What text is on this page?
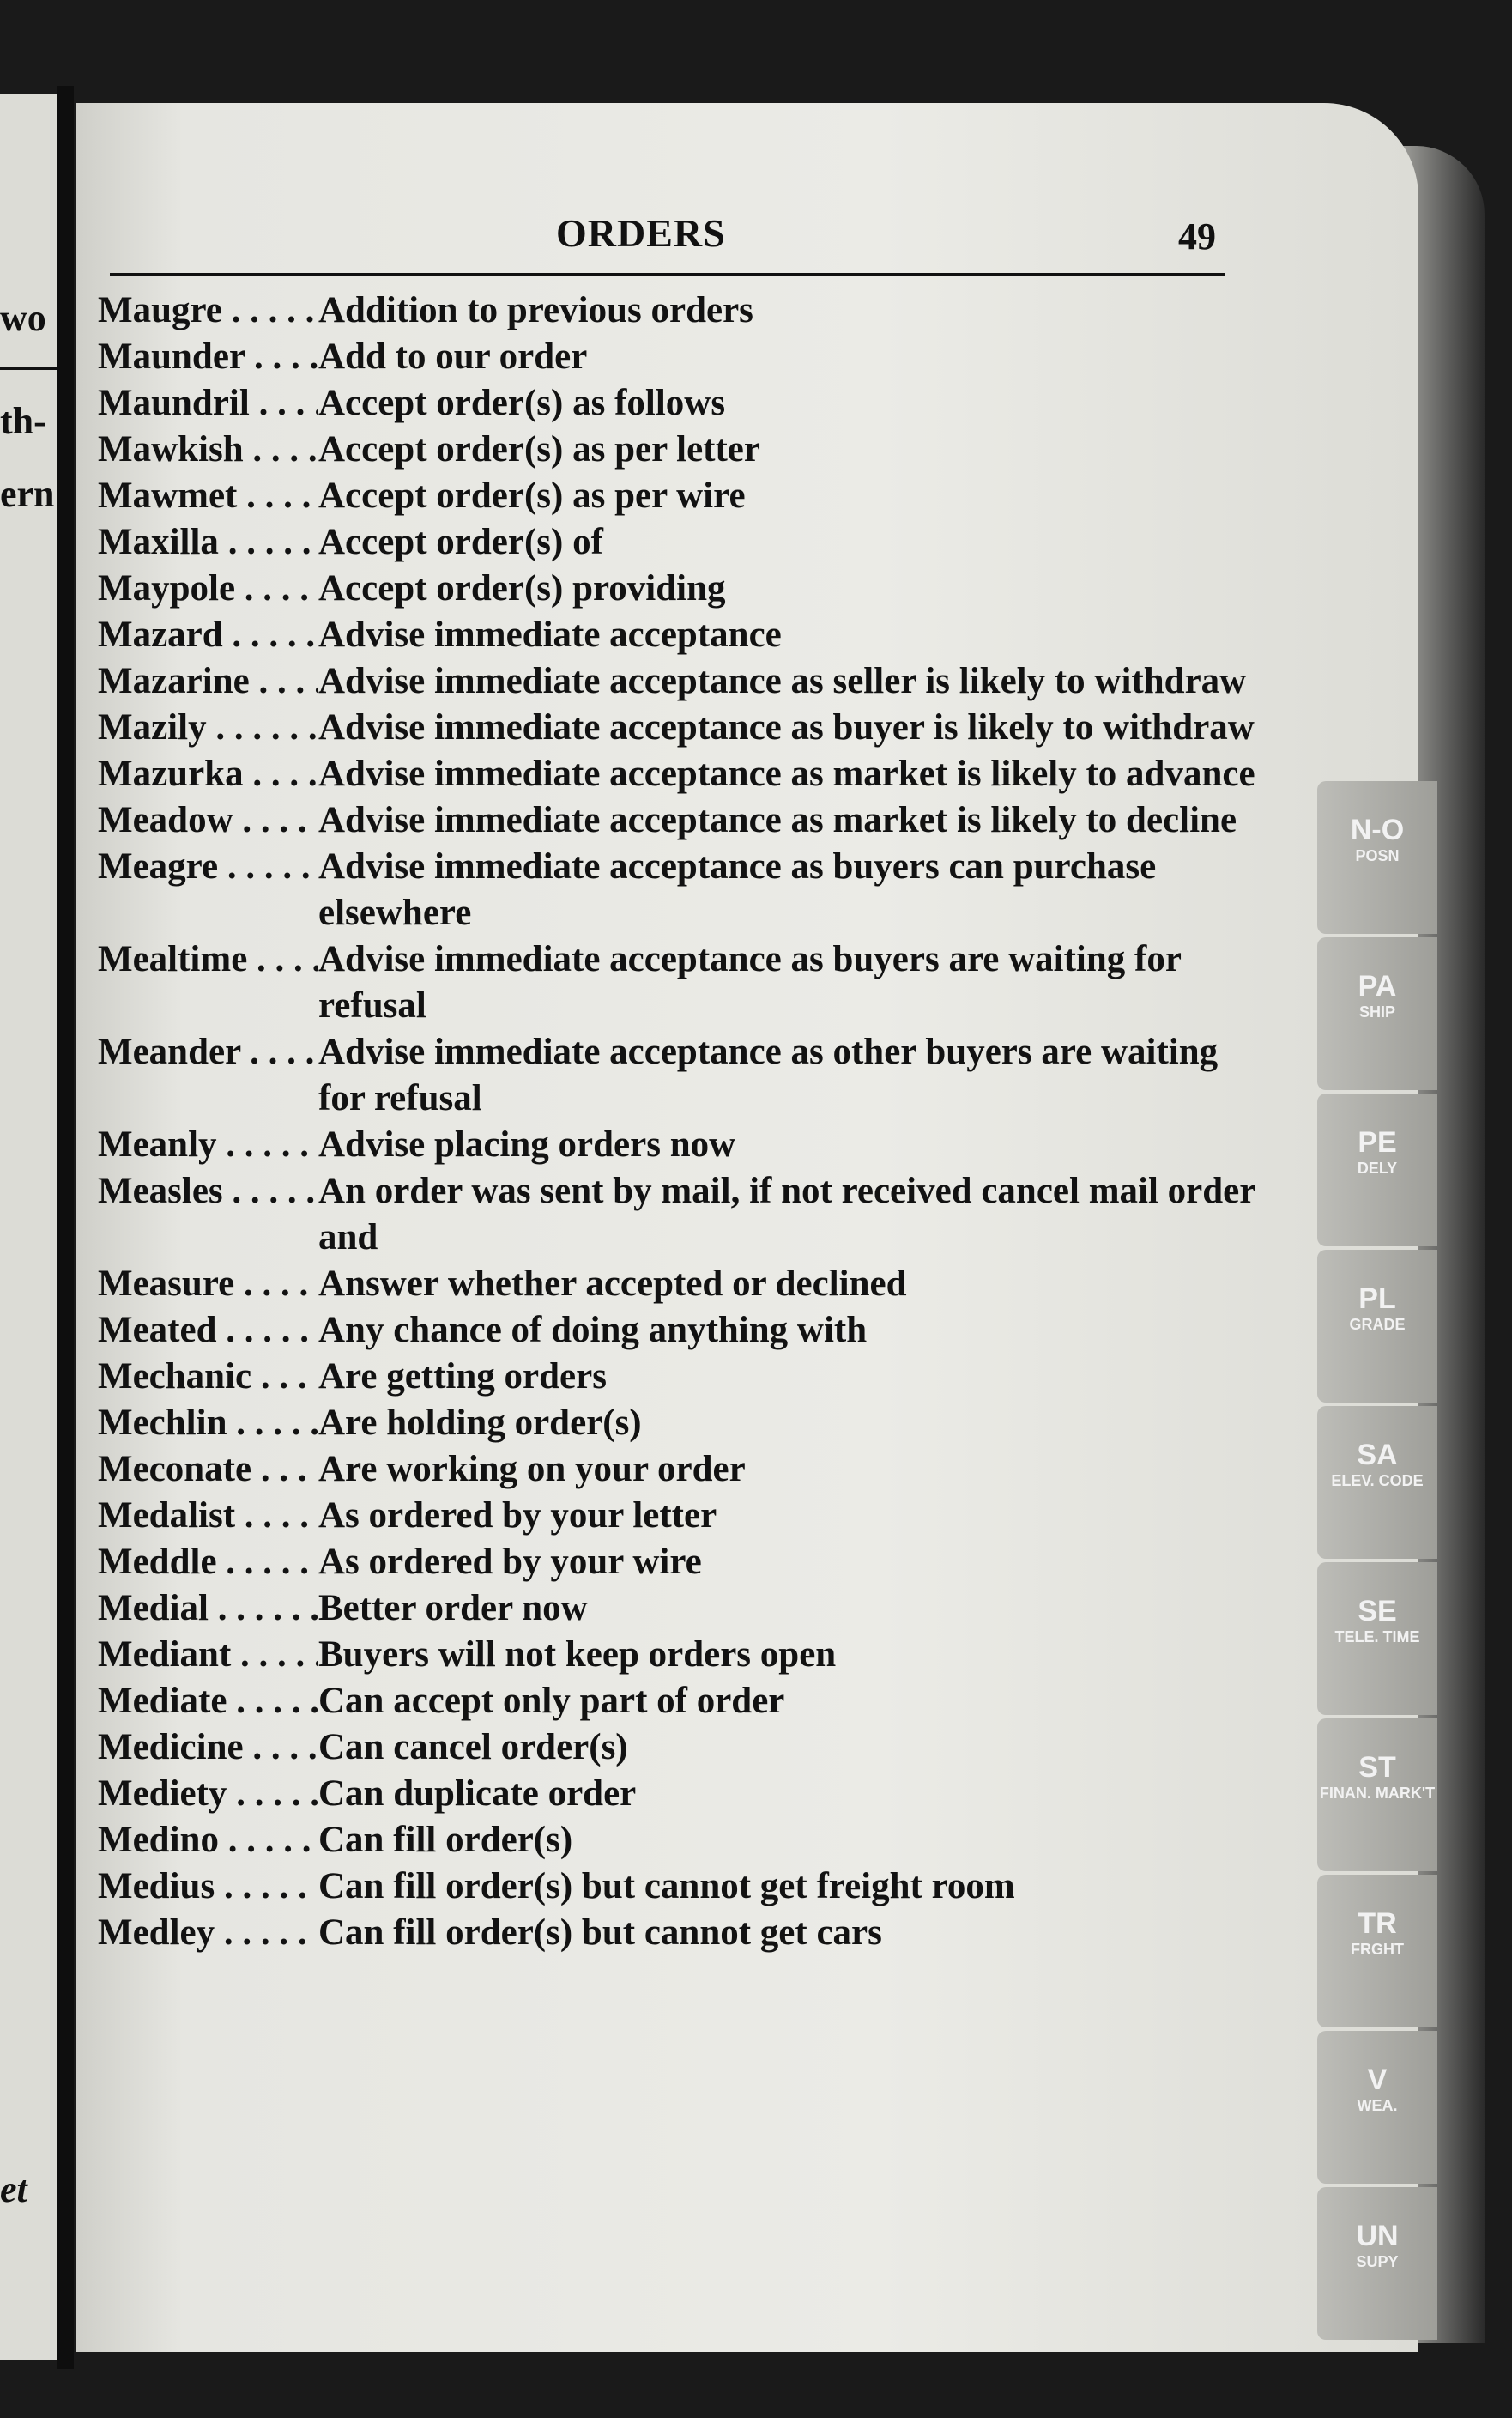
wo
th-
ern
et
ORDERS	49
Maugre . . .	Addition to previous orders
Maunder . . .	Add to our order
Maundril . . .	Accept order(s) as follows
Mawkish . . .	Accept order(s) as per letter
Mawmet . . .	Accept order(s) as per wire
Maxilla . . .	Accept order(s) of
Maypole . . .	Accept order(s) providing
Mazard . . .	Advise immediate acceptance
Mazarine . . .	Advise immediate acceptance as seller is likely to withdraw
Mazily . . .	Advise immediate acceptance as buyer is likely to withdraw
Mazurka . . .	Advise immediate acceptance as market is likely to advance
Meadow . . .	Advise immediate acceptance as market is likely to decline
Meagre . . .	Advise immediate acceptance as buyers can purchase elsewhere
Mealtime . . .	Advise immediate acceptance as buyers are waiting for refusal
Meander . . .	Advise immediate acceptance as other buyers are waiting for refusal
Meanly . . .	Advise placing orders now
Measles . . .	An order was sent by mail, if not received cancel mail order and
Measure . . .	Answer whether accepted or declined
Meated . . .	Any chance of doing anything with
Mechanic . . .	Are getting orders
Mechlin . . .	Are holding order(s)
Meconate . . .	Are working on your order
Medalist . . .	As ordered by your letter
Meddle . . .	As ordered by your wire
Medial . . .	Better order now
Mediant . . .	Buyers will not keep orders open
Mediate . . .	Can accept only part of order
Medicine . . .	Can cancel order(s)
Mediety . . .	Can duplicate order
Medino . . .	Can fill order(s)
Medius . . .	Can fill order(s) but cannot get freight room
Medley . . .	Can fill order(s) but cannot get cars
N-O
POSN
PA
SHIP
PE
DELY
PL
GRADE
SA
ELEV. CODE
SE
TELE. TIME
ST
FINAN. MARK'T
TR
FRGHT
V
WEA.
UN
SUPY
